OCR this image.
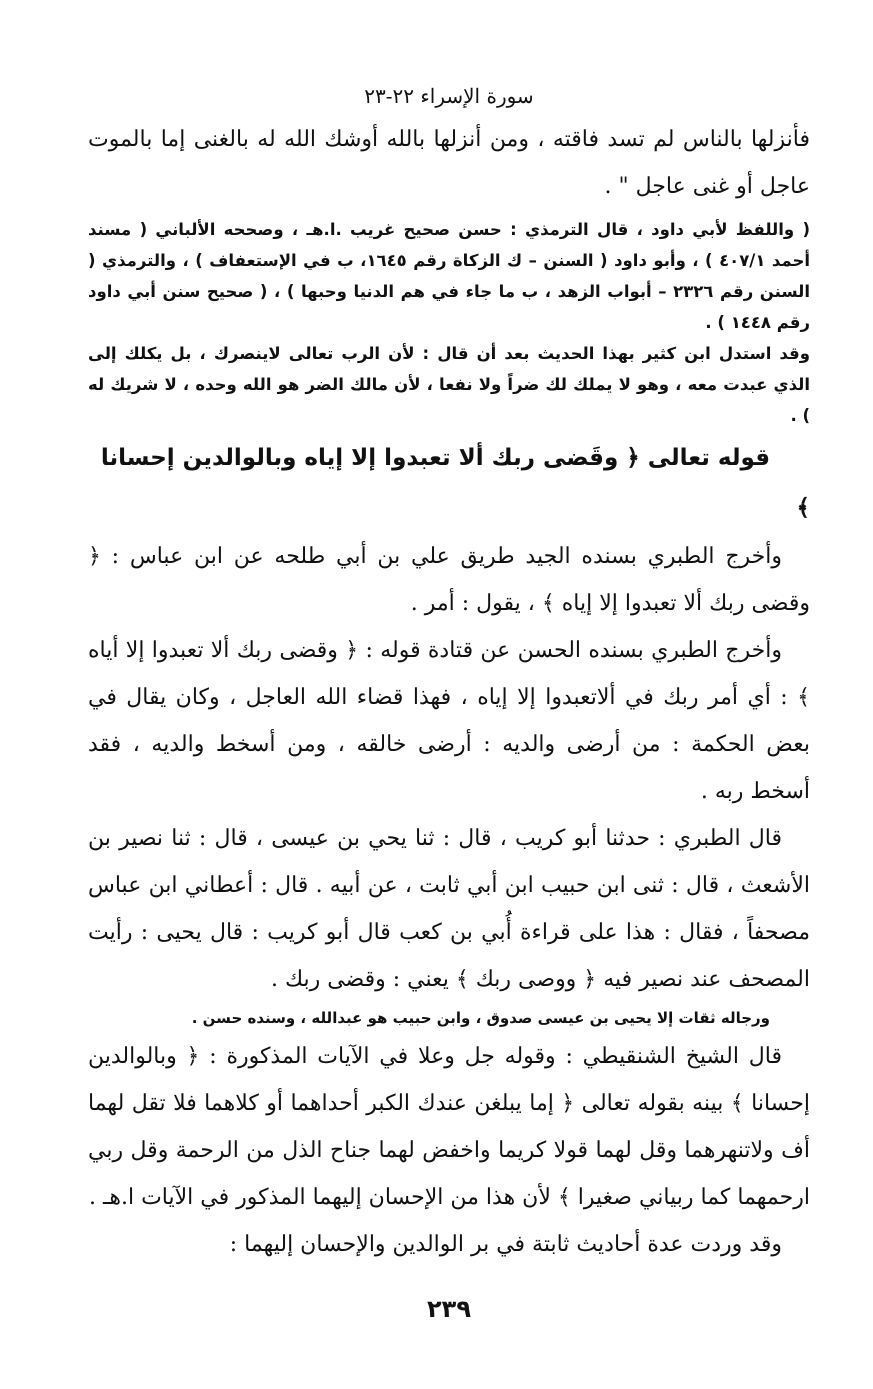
سورة الإسراء ٢٢-٢٣

فأنزلها بالناس لم تسد فاقته ، ومن أنزلها بالله أوشك الله له بالغنى إما بالموت عاجل أو غنى عاجل " .

( واللفظ لأبي داود ، قال الترمذي : حسن صحيح غريب .ا.هـ ، وصححه الألباني ( مسند أحمد ٤٠٧/١ ) ، وأبو داود ( السنن – ك الزكاة رقم ١٦٤٥، ب في الإستعفاف ) ، والترمذي ( السنن رقم ٢٣٢٦ – أبواب الزهد ، ب ما جاء في هم الدنيا وحبها ) ، ( صحيح سنن أبي داود رقم ١٤٤٨ ) .

وقد استدل ابن كثير بهذا الحديث بعد أن قال : لأن الرب تعالى لاينصرك ، بل يكلك إلى الذي عبدت معه ، وهو لا يملك لك ضراً ولا نفعا ، لأن مالك الضر هو الله وحده ، لا شريك له ) .

قوله تعالى ﴿ وقَضى ربك ألا تعبدوا إلا إياه وبالوالدين إحسانا ﴾

وأخرج الطبري بسنده الجيد طريق علي بن أبي طلحه عن ابن عباس : ﴿ وقضى ربك ألا تعبدوا إلا إياه ﴾ ، يقول : أمر .

وأخرج الطبري بسنده الحسن عن قتادة قوله : ﴿ وقضى ربك ألا تعبدوا إلا أياه ﴾ : أي أمر ربك في ألاتعبدوا إلا إياه ، فهذا قضاء الله العاجل ، وكان يقال في بعض الحكمة : من أرضى والديه : أرضى خالقه ، ومن أسخط والديه ، فقد أسخط ربه .

قال الطبري : حدثنا أبو كريب ، قال : ثنا يحي بن عيسى ، قال : ثنا نصير بن الأشعث ، قال : ثنى ابن حبيب ابن أبي ثابت ، عن أبيه . قال : أعطاني ابن عباس مصحفاً ، فقال : هذا على قراءة أُبي بن كعب قال أبو كريب : قال يحيى : رأيت المصحف عند نصير فيه ﴿ ووصى ربك ﴾ يعني : وقضى ربك .

ورجاله ثقات إلا يحيى بن عيسى صدوق ، وابن حبيب هو عبدالله ، وسنده حسن .

قال الشيخ الشنقيطي : وقوله جل وعلا في الآيات المذكورة : ﴿ وبالوالدين إحسانا ﴾ بينه بقوله تعالى ﴿ إما يبلغن عندك الكبر أحداهما أو كلاهما فلا تقل لهما أف ولاتنهرهما وقل لهما قولا كريما واخفض لهما جناح الذل من الرحمة وقل ربي ارحمهما كما ربياني صغيرا ﴾ لأن هذا من الإحسان إليهما المذكور في الآيات ا.هـ .

وقد وردت عدة أحاديث ثابتة في بر الوالدين والإحسان إليهما :

٢٣٩
